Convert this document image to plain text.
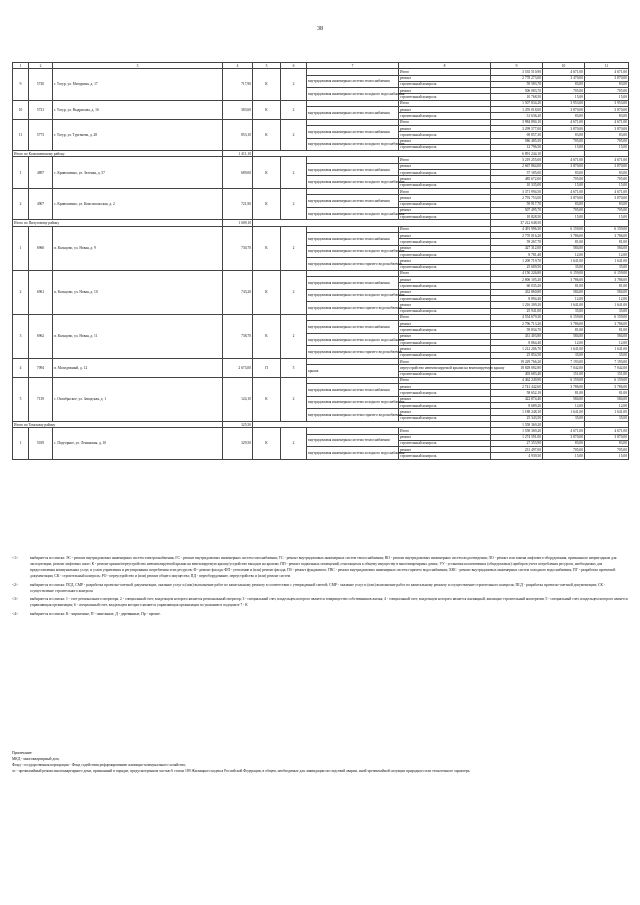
38
1	2	3	4	5	6	7	8	9	10	11
9	5720	г. Тогур, ул. Мичурина, д. 17	717,90	К	2		Итого	3 535 510,90	4 671,00	4 671,00
						внутридомовая инженерная система теплоснабжения	ремонт	2 778 273,00	3 470,00	3 870,00
							строительный контроль	59 583,70	83,00	83,00
						внутридомовая инженерная система холодного водоснабжения	ремонт	506 083,70	705,00	705,00
							строительный контроль	10 768,50	15,00	15,00
10	5721	г. Тогур, ул. Выдрихова, д. 16	383,60	К	2		Итого	1 507 834,20	3 953,00	3 953,00
						внутридомовая инженерная система теплоснабжения	ремонт	1 476 018,00	3 870,00	3 870,00
							строительный контроль	31 636,20	83,00	83,00
11	5773	г. Тогур, ул. Тургенева, д. 28	853,10	К	2		Итого	3 984 894,10	4 671,00	4 671,00
						внутридомовая инженерная система теплоснабжения	ремонт	3 299 577,00	3 870,00	3 870,00
							строительный контроль	69 857,30	83,00	83,00
						внутридомовая инженерная система холодного водоснабжения	ремонт	586 485,50	705,00	705,00
							строительный контроль	12 796,50	15,00	15,00
Итого по Колпашевскому району			1 411,10					6 891 244,10		
1	4897	с. Кривошеино, ул. Зеленая, д. 57	689,00	К	2		Итого	3 219 255,00	4 671,00	4 671,00
						внутридомовая инженерная система теплоснабжения	ремонт	2 667 864,00	3 870,00	3 870,00
							строительный контроль	57 185,00	83,00	83,00
						внутридомовая инженерная система холодного водоснабжения	ремонт	485 672,00	705,00	705,00
							строительный контроль	10 335,00	15,00	15,00
2	4907	с. Кривошеино, ул. Комсомольская, д. 2	721,90	К	2		Итого	3 371 994,50	4 671,00	4 671,00
						внутридомовая инженерная система теплоснабжения	ремонт	2 793 753,00	3 870,00	3 870,00
							строительный контроль	59 917,70	83,00	83,00
						внутридомовая инженерная система холодного водоснабжения	ремонт	507 495,70	705,00	705,00
							строительный контроль	10 828,50	15,00	15,00
Итого по Пичуговому району			1 609,10					37 212 048,50		
1	6960	п. Кольцово, ул. Новая, д. 9	730,70	К	2		Итого	4 491 996,30	6 159,00	6 159,00
						внутридомовая инженерная система теплоснабжения	ремонт	2 770 016,20	3 786,00	3 786,00
							строительный контроль	59 267,70	81,00	81,00
						внутридомовая инженерная система холодного водоснабжения	ремонт	427 312,00	584,00	584,00
							строительный контроль	8 781,40	12,00	12,00
						внутридомовая инженерная система горячего водоснабжения	ремонт	1 200 719,70	1 641,00	1 641,00
							строительный контроль	25 609,50	35,00	35,00
2	6961	п. Кольцово, ул. Новая, д. 10	743,20	К	2		Итого	4 150 226,80	6 159,00	6 159,00
						внутридомовая инженерная система теплоснабжения	ремонт	2 806 105,20	3 786,00	3 786,00
							строительный контроль	60 035,20	81,00	81,00
						внутридомовая инженерная система холодного водоснабжения	ремонт	432 860,80	584,00	584,00
							строительный контроль	8 894,40	12,00	12,00
						внутридомовая инженерная система горячего водоснабжения	ремонт	1 216 309,20	1 641,00	1 641,00
							строительный контроль	25 941,00	35,00	35,00
3	6962	п. Кольцово, ул. Новая, д. 11	738,70	К	2		Итого	4 554 679,30	6 159,00	6 159,00
						внутридомовая инженерная система теплоснабжения	ремонт	2 796 713,20	3 786,00	3 786,00
							строительный контроль	59 834,70	81,00	81,00
						внутридомовая инженерная система холодного водоснабжения	ремонт	431 403,80	584,00	584,00
							строительный контроль	8 864,40	12,00	12,00
						внутридомовая инженерная система горячего водоснабжения	ремонт	1 212 206,70	1 641,00	1 641,00
							строительный контроль	25 854,50	35,00	35,00
4	7094	п. Молодежный, д. 12	2 673,00	П	5		Итого	19 229 766,20	7 193,00	7 193,00
						крыша	переустройство невентилируемой крыши на вентилируемую крышу	18 828 082,80	7 042,00	7 042,00
							строительный контроль	403 683,40	151,00	151,00
5	7139	с. Октябрьское, ул. Заводская, д. 1	124,10	К	2		Итого	4 462 249,90	6 159,00	6 159,00
						внутридомовая инженерная система теплоснабжения	ремонт	2 741 442,60	3 786,00	3 786,00
							строительный контроль	58 652,10	81,00	81,00
						внутридомовая инженерная система холодного водоснабжения	ремонт	422 874,40	584,00	584,00
							строительный контроль	8 689,20	12,00	12,00
						внутридомовая инженерная система горячего водоснабжения	ремонт	1 188 248,10	1 641,00	1 641,00
							строительный контроль	25 343,50	35,00	35,00
Итого по Томскому району			325,50					1 558 369,20		
1	5019	с. Подгорное, ул. Ленинская, д. 10	329,50	К	2		Итого	1 558 369,20	4 671,00	4 671,00
						внутридомовая инженерная система теплоснабжения	ремонт	1 274 591,00	3 870,00	3 870,00
							строительный контроль	27 353,90	83,00	83,00
						внутридомовая инженерная система холодного водоснабжения	ремонт	231 497,00	705,00	705,00
							строительный контроль	4 939,50	15,00	15,00
<1>	выбирается из списка: ЭС - ремонт внутридомовых инженерных систем электроснабжения; ГС - ремонт внутридомовых инженерных систем газоснабжения; ТС - ремонт внутридомовых инженерных систем теплоснабжения; ВО - ремонт внутридомовых инженерных систем водоотведения; ЛО - ремонт или замена лифтового оборудования, признанного непригодным для эксплуатации, ремонт лифтовых шахт; К - ремонт крыши/переустройство невентилируемой крыши на вентилируемую крышу/устройство выходов на кровлю; ПП - ремонт подвальных помещений, относящихся к общему имуществу в многоквартирных домах; УУ - установка коллективных (общедомовых) приборов учета потребления ресурсов, необходимых для предоставления коммунальных услуг, и узлов управления и регулирования потребления этих ресурсов; Ф - ремонт фасада; ФП - утепление и (или) ремонт фасада; ПЗ - ремонт фундамента; ГВС - ремонт внутридомовых инженерных систем горячего водоснабжения; ХВС - ремонт внутридомовых инженерных систем холодного водоснабжения; ПГ - разработка проектной документации; СК - строительный контроль; РО - переустройство и (или) ремонт общего имущества; ПД - переоборудование, переустройство и (или) ремонт систем
<2>	выбирается из списка: ПСД, СМР - разработка проектно-сметной документации, оказание услуг и (или) выполнение работ по капитальному ремонту в соответствии с утвержденной сметой; СМР - оказание услуг и (или) выполнение работ по капитальному ремонту и осуществление строительного контроля; ПСД - разработка проектно-сметной документации; СК - осуществление строительного контроля
<3>	выбирается из списка: 1 - счет регионального оператора, 2 - специальный счет, владельцем которого является региональный оператор; 3 - специальный счет, владельцем которого является товарищество собственников жилья; 4 - специальный счет, владельцем которого является жилищный, жилищно-строительный кооператив; 5 - специальный счет, владельцем которого является управляющая организация; 6 - специальный счет, владельцем которого является управляющая организация по указанию в подпункте 7 - К
<4>	выбирается из списка: К - кирпичные, П - панельные, Д - деревянные, Пр - прочие.
Примечание:
МКД - многоквартирный дом;
Фонд - государственная корпорация - Фонд содействия реформированию жилищно-коммунального хозяйства;
чс - чрезвычайный режим многоквартирного дома, признанный в порядке, предусмотренном частью 6 статьи 189 Жилищного кодекса Российской Федерации, в общем, необходимые для ликвидации последствий аварии, иной чрезвычайной ситуации природного или техногенного характера.
